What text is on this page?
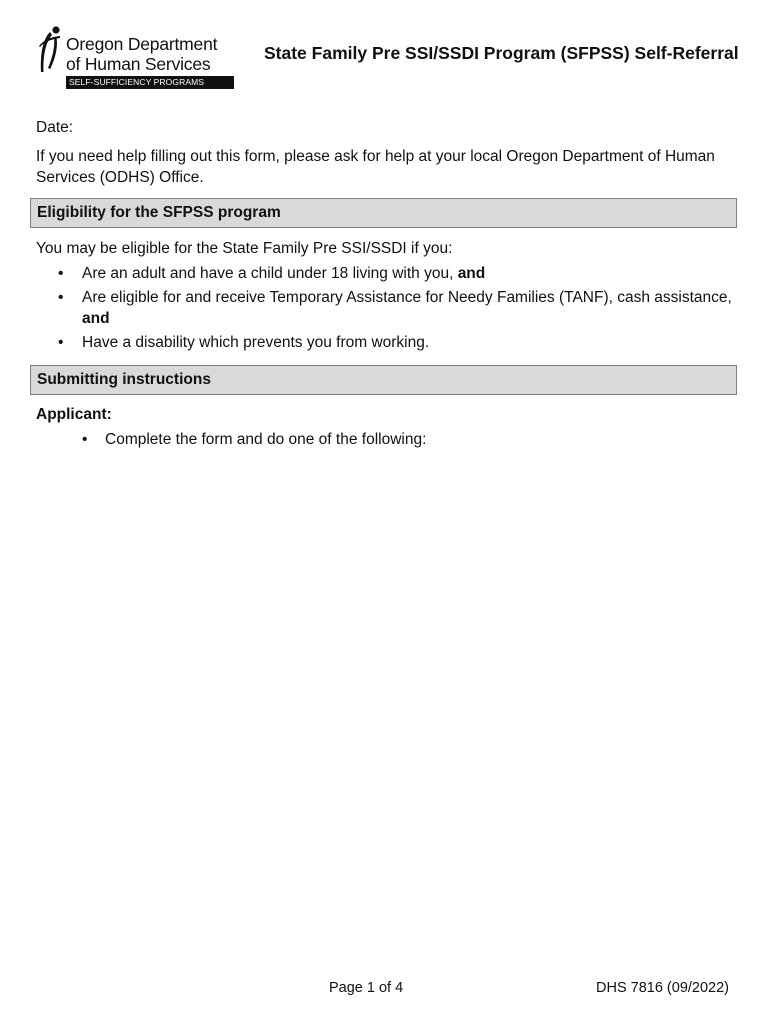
Oregon Department
of Human Services
SELF-SUFFICIENCY PROGRAMS
State Family Pre SSI/SSDI Program (SFPSS) Self-Referral
Date:
If you need help filling out this form, please ask for help at your local Oregon Department of Human Services (ODHS) Office.
Eligibility for the SFPSS program
You may be eligible for the State Family Pre SSI/SSDI if you:
• Are an adult and have a child under 18 living with you, and
• Are eligible for and receive Temporary Assistance for Needy Families (TANF), cash assistance, and
• Have a disability which prevents you from working.
Submitting instructions
Applicant:
• Complete the form and do one of the following:
Page 1 of 4	DHS 7816 (09/2022)
